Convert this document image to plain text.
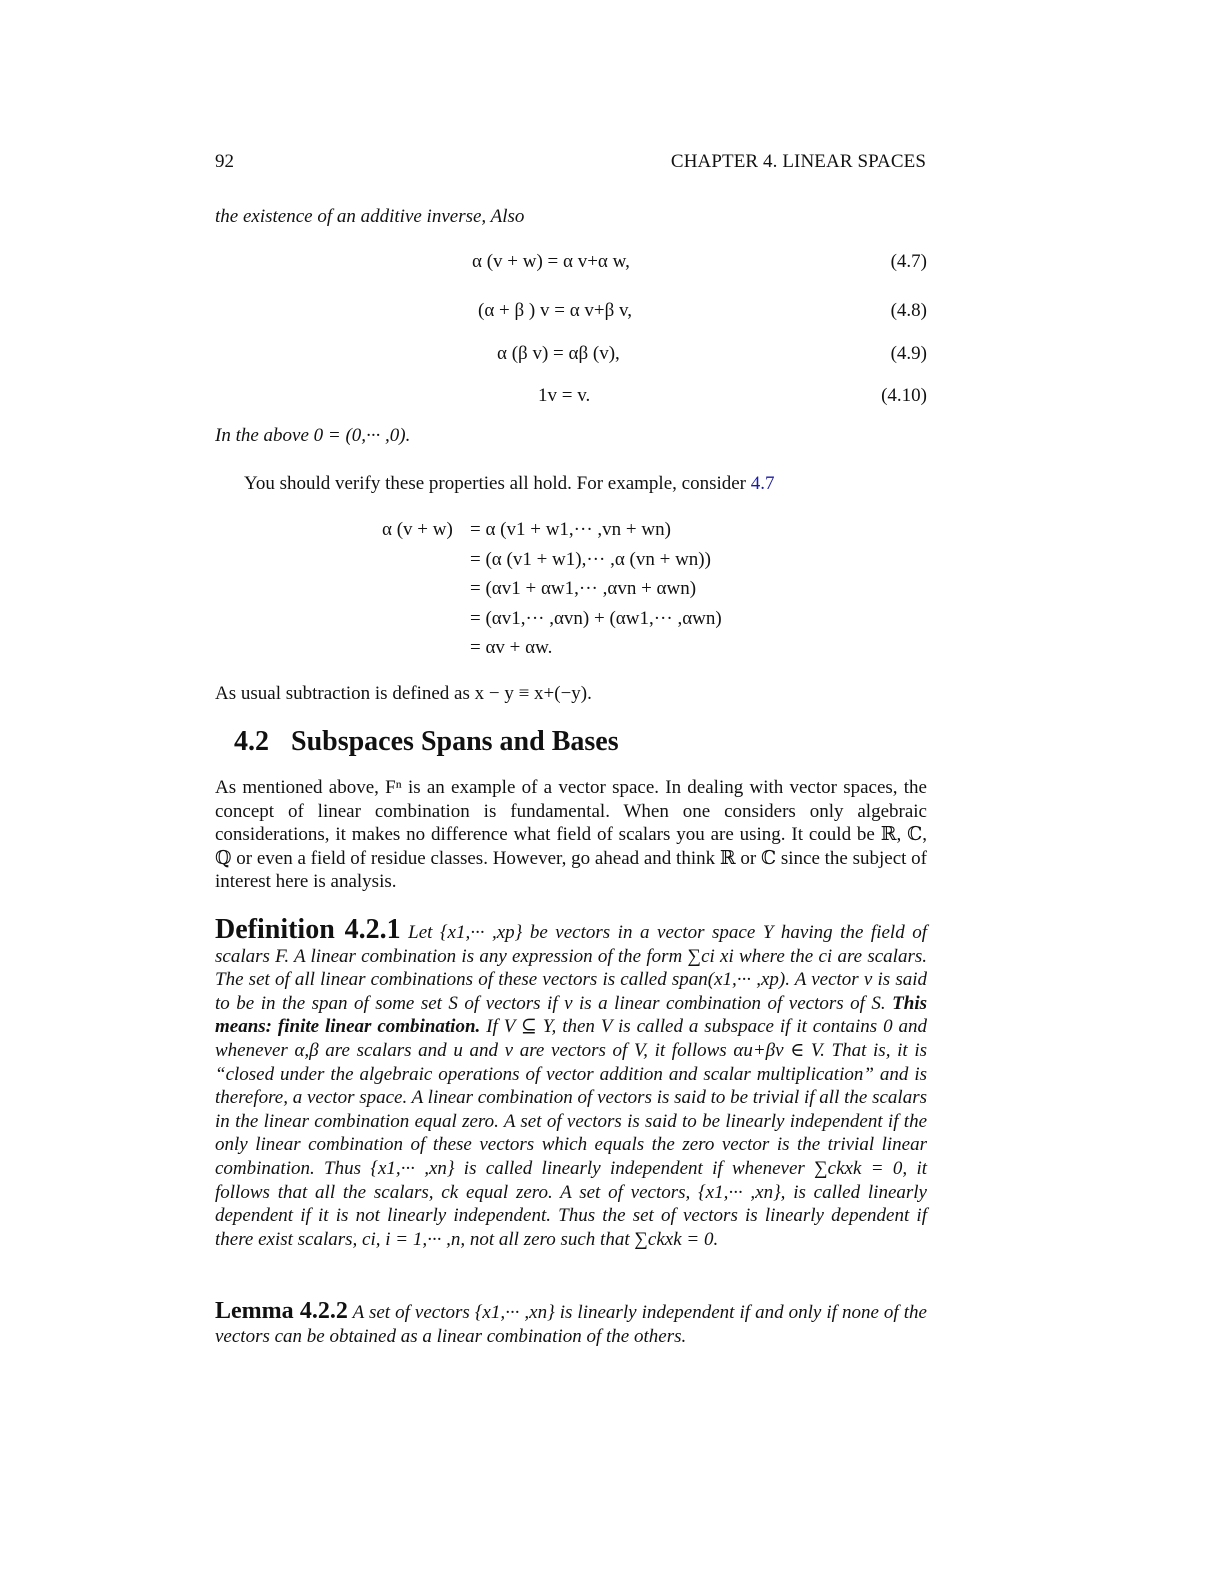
92	CHAPTER 4. LINEAR SPACES
the existence of an additive inverse, Also
α (v + w) = α v+α w,	(4.7)
(α + β ) v = α v+β v,	(4.8)
α (β v) = αβ (v),	(4.9)
1v = v.	(4.10)
In the above 0 = (0,··· ,0).
You should verify these properties all hold. For example, consider 4.7
α (v + w) = α (v1 + w1,··· ,vn + wn)
= (α (v1 + w1),··· ,α (vn + wn))
= (αv1 + αw1,··· ,αvn + αwn)
= (αv1,··· ,αvn) + (αw1,··· ,αwn)
= αv + αw.
As usual subtraction is defined as x − y ≡ x+(−y).
4.2 Subspaces Spans and Bases
As mentioned above, Fⁿ is an example of a vector space. In dealing with vector spaces, the concept of linear combination is fundamental. When one considers only algebraic considerations, it makes no difference what field of scalars you are using. It could be ℝ, ℂ, ℚ or even a field of residue classes. However, go ahead and think ℝ or ℂ since the subject of interest here is analysis.
Definition 4.2.1 Let {x1,··· ,xp} be vectors in a vector space Y having the field of scalars F. A linear combination is any expression of the form ∑ci xi where the ci are scalars. The set of all linear combinations of these vectors is called span(x1,··· ,xp). A vector v is said to be in the span of some set S of vectors if v is a linear combination of vectors of S. This means: finite linear combination. If V ⊆ Y, then V is called a subspace if it contains 0 and whenever α,β are scalars and u and v are vectors of V, it follows αu+βv ∈ V. That is, it is “closed under the algebraic operations of vector addition and scalar multiplication” and is therefore, a vector space. A linear combination of vectors is said to be trivial if all the scalars in the linear combination equal zero. A set of vectors is said to be linearly independent if the only linear combination of these vectors which equals the zero vector is the trivial linear combination. Thus {x1,··· ,xn} is called linearly independent if whenever ∑ckxk = 0, it follows that all the scalars, ck equal zero. A set of vectors, {x1,··· ,xn}, is called linearly dependent if it is not linearly independent. Thus the set of vectors is linearly dependent if there exist scalars, ci, i = 1,··· ,n, not all zero such that ∑ckxk = 0.
Lemma 4.2.2 A set of vectors {x1,··· ,xn} is linearly independent if and only if none of the vectors can be obtained as a linear combination of the others.
